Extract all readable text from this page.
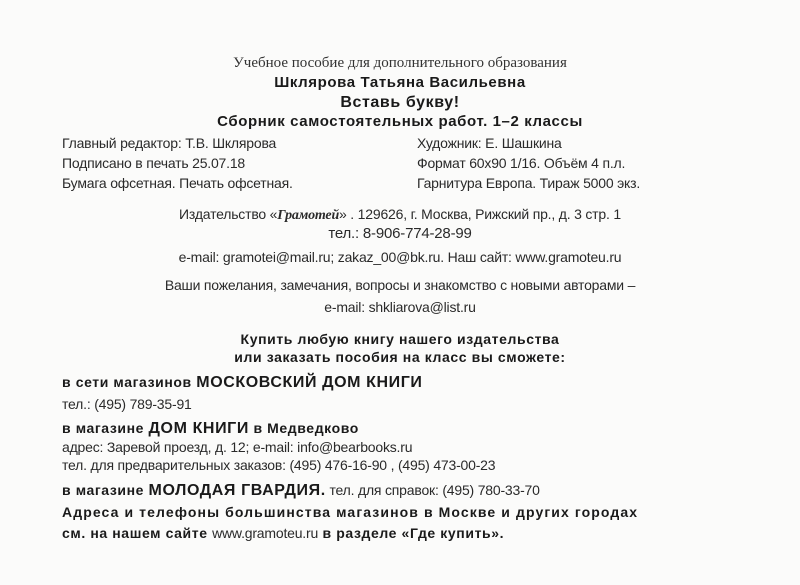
Учебное пособие для дополнительного образования
Шклярова Татьяна Васильевна
Вставь букву!
Сборник самостоятельных работ. 1–2 классы
Главный редактор: Т.В. Шклярова
Подписано в печать 25.07.18
Бумага офсетная. Печать офсетная.
Художник: Е. Шашкина
Формат 60х90 1/16. Объём 4 п.л.
Гарнитура Европа. Тираж 5000 экз.
Издательство «Грамотей» . 129626, г. Москва, Рижский пр., д. 3 стр. 1
тел.: 8-906-774-28-99
e-mail: gramotei@mail.ru; zakaz_00@bk.ru. Наш сайт: www.gramoteu.ru
Ваши пожелания, замечания, вопросы и знакомство с новыми авторами –
e-mail: shkliarova@list.ru
Купить любую книгу нашего издательства
или заказать пособия на класс вы сможете:
в сети магазинов МОСКОВСКИЙ ДОМ КНИГИ
тел.: (495) 789-35-91
в магазине ДОМ КНИГИ в Медведково
адрес: Заревой проезд, д. 12; e-mail: info@bearbooks.ru
тел. для предварительных заказов: (495) 476-16-90 , (495) 473-00-23
в магазине МОЛОДАЯ ГВАРДИЯ. тел. для справок: (495) 780-33-70
Адреса и телефоны большинства магазинов в Москве и других городах
см. на нашем сайте www.gramoteu.ru в разделе «Где купить».
